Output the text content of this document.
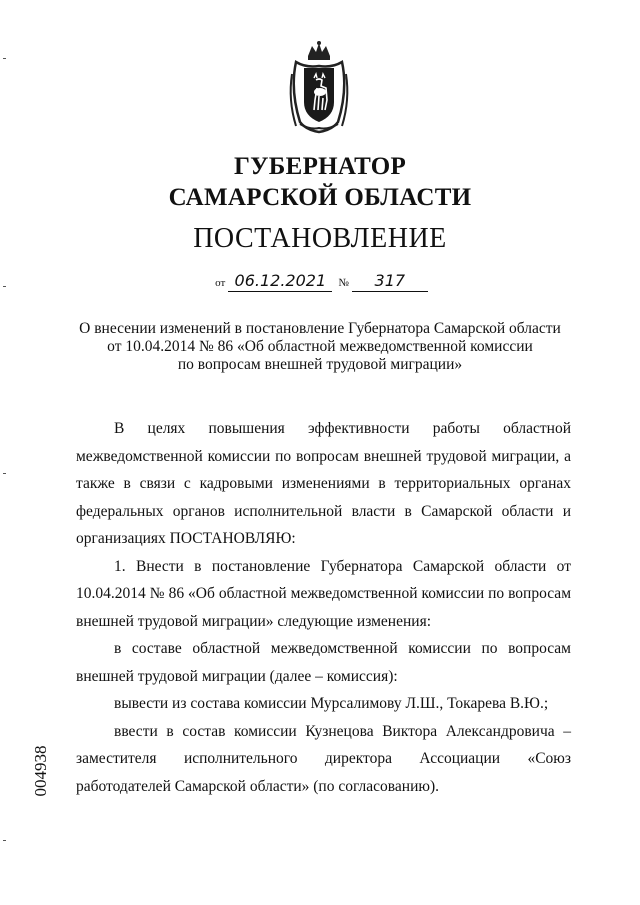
ГУБЕРНАТОР
САМАРСКОЙ ОБЛАСТИ
ПОСТАНОВЛЕНИЕ
от 06.12.2021 № 317
О внесении изменений в постановление Губернатора Самарской области
от 10.04.2014 № 86 «Об областной межведомственной комиссии
по вопросам внешней трудовой миграции»

В целях повышения эффективности работы областной межведомственной комиссии по вопросам внешней трудовой миграции, а также в связи с кадровыми изменениями в территориальных органах федеральных органов исполнительной власти в Самарской области и организациях ПОСТАНОВЛЯЮ:

1. Внести в постановление Губернатора Самарской области от 10.04.2014 № 86 «Об областной межведомственной комиссии по вопросам внешней трудовой миграции» следующие изменения:

в составе областной межведомственной комиссии по вопросам внешней трудовой миграции (далее – комиссия):

вывести из состава комиссии Мурсалимову Л.Ш., Токарева В.Ю.;

ввести в состав комиссии Кузнецова Виктора Александровича – заместителя исполнительного директора Ассоциации «Союз работодателей Самарской области» (по согласованию).

004938
